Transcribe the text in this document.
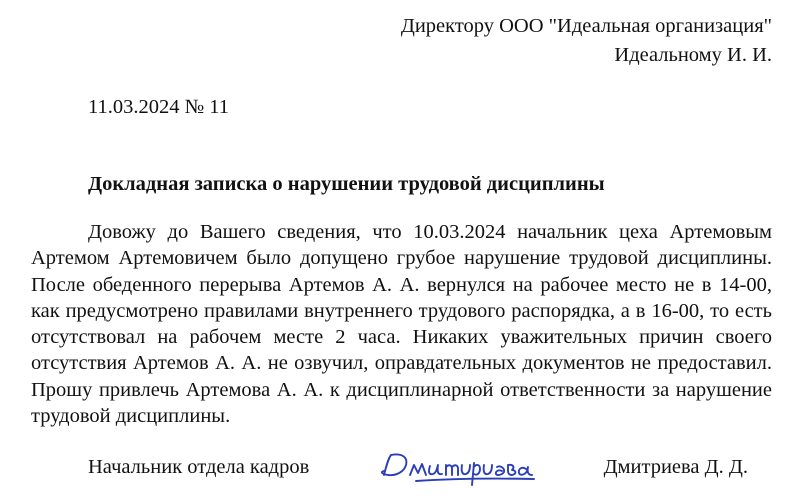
Директору ООО "Идеальная организация"
Идеальному И. И.
11.03.2024 № 11
Докладная записка о нарушении трудовой дисциплины

Довожу до Вашего сведения, что 10.03.2024 начальник цеха Артемовым Артемом Артемовичем было допущено грубое нарушение трудовой дисциплины. После обеденного перерыва Артемов А. А. вернулся на рабочее место не в 14-00, как предусмотрено правилами внутреннего трудового распорядка, а в 16-00, то есть отсутствовал на рабочем месте 2 часа. Никаких уважительных причин своего отсутствия Артемов А. А. не озвучил, оправдательных документов не предоставил. Прошу привлечь Артемова А. А. к дисциплинарной ответственности за нарушение трудовой дисциплины.

Начальник отдела кадров	Дмитриева Д. Д.
